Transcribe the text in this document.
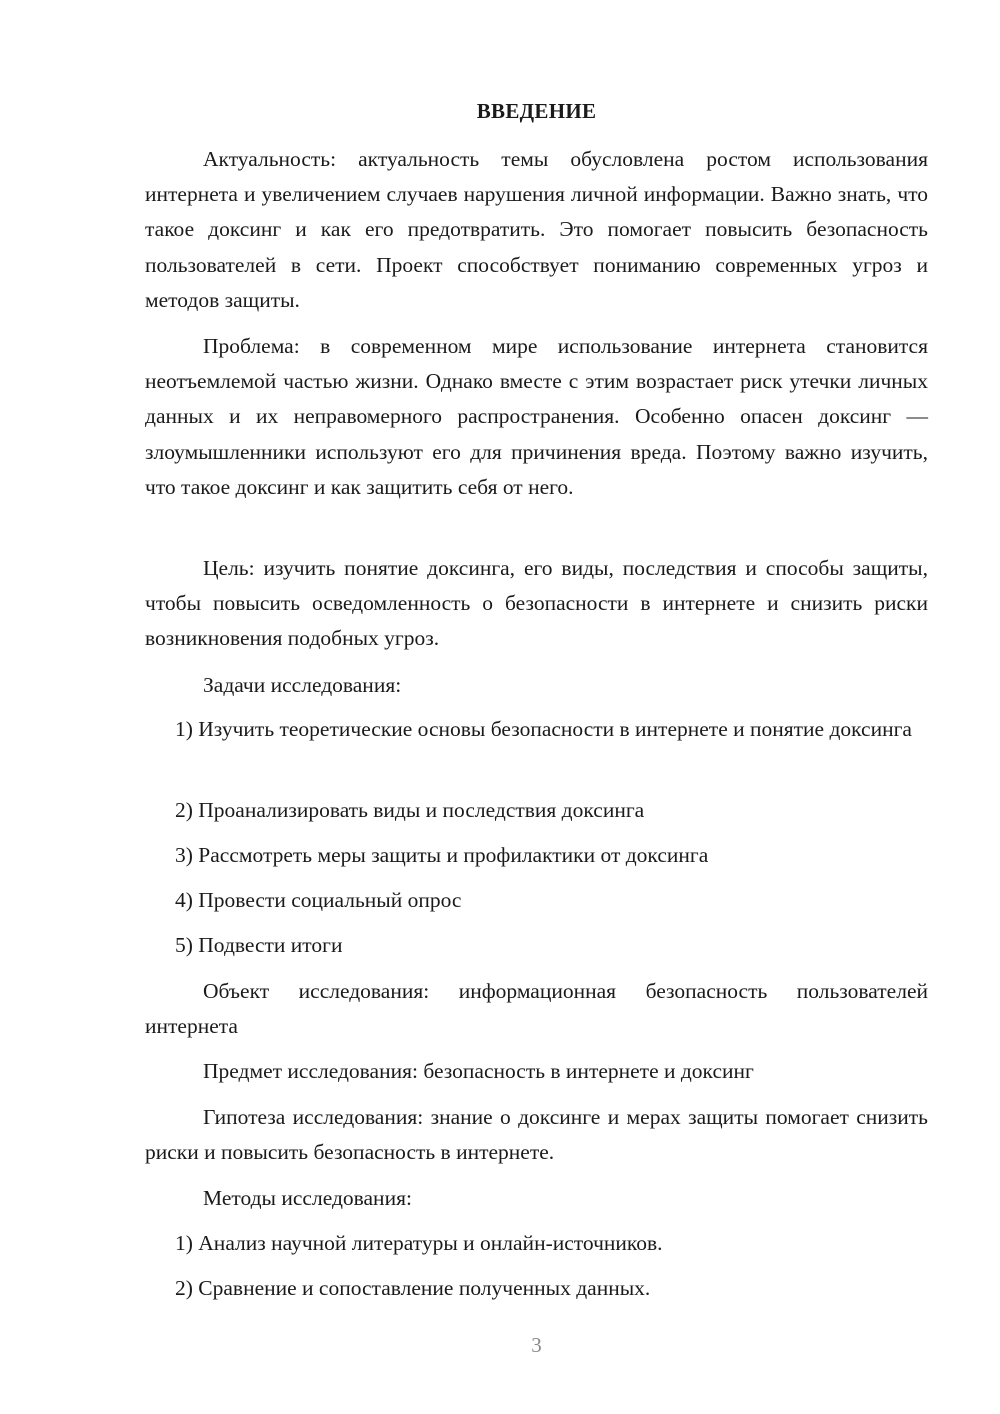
ВВЕДЕНИЕ

Актуальность: актуальность темы обусловлена ростом использования интернета и увеличением случаев нарушения личной информации. Важно знать, что такое доксинг и как его предотвратить. Это помогает повысить безопасность пользователей в сети. Проект способствует пониманию современных угроз и методов защиты.

Проблема: в современном мире использование интернета становится неотъемлемой частью жизни. Однако вместе с этим возрастает риск утечки личных данных и их неправомерного распространения. Особенно опасен доксинг — злоумышленники используют его для причинения вреда. Поэтому важно изучить, что такое доксинг и как защитить себя от него.

Цель: изучить понятие доксинга, его виды, последствия и способы защиты, чтобы повысить осведомленность о безопасности в интернете и снизить риски возникновения подобных угроз.

Задачи исследования:

1) Изучить теоретические основы безопасности в интернете и понятие доксинга

2) Проанализировать виды и последствия доксинга

3) Рассмотреть меры защиты и профилактики от доксинга

4) Провести социальный опрос

5) Подвести итоги

Объект исследования: информационная безопасность пользователей интернета

Предмет исследования: безопасность в интернете и доксинг

Гипотеза исследования: знание о доксинге и мерах защиты помогает снизить риски и повысить безопасность в интернете.

Методы исследования:

1) Анализ научной литературы и онлайн-источников.

2) Сравнение и сопоставление полученных данных.

3
